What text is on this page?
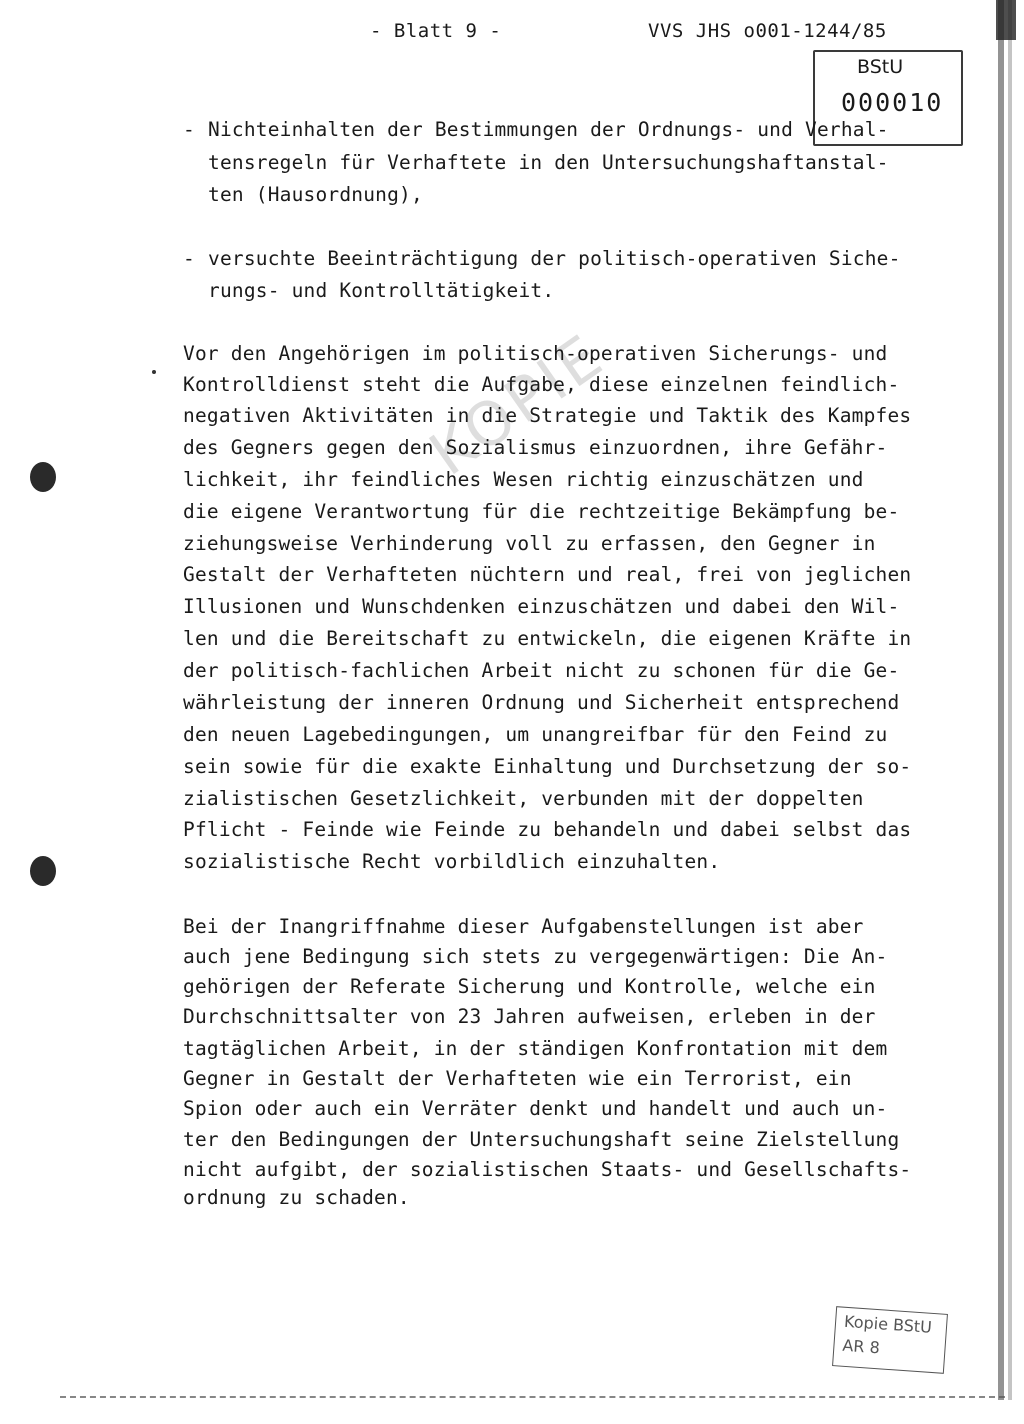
- Blatt 9 -	VVS JHS o001-1244/85
BStU
000010
KOPIE
- Nichteinhalten der Bestimmungen der Ordnungs- und Verhal-
tensregeln für Verhaftete in den Untersuchungshaftanstal-
ten (Hausordnung),
- versuchte Beeinträchtigung der politisch-operativen Siche-
rungs- und Kontrolltätigkeit.
Vor den Angehörigen im politisch-operativen Sicherungs- und
Kontrolldienst steht die Aufgabe, diese einzelnen feindlich-
negativen Aktivitäten in die Strategie und Taktik des Kampfes
des Gegners gegen den Sozialismus einzuordnen, ihre Gefähr-
lichkeit, ihr feindliches Wesen richtig einzuschätzen und
die eigene Verantwortung für die rechtzeitige Bekämpfung be-
ziehungsweise Verhinderung voll zu erfassen, den Gegner in
Gestalt der Verhafteten nüchtern und real, frei von jeglichen
Illusionen und Wunschdenken einzuschätzen und dabei den Wil-
len und die Bereitschaft zu entwickeln, die eigenen Kräfte in
der politisch-fachlichen Arbeit nicht zu schonen für die Ge-
währleistung der inneren Ordnung und Sicherheit entsprechend
den neuen Lagebedingungen, um unangreifbar für den Feind zu
sein sowie für die exakte Einhaltung und Durchsetzung der so-
zialistischen Gesetzlichkeit, verbunden mit der doppelten
Pflicht - Feinde wie Feinde zu behandeln und dabei selbst das
sozialistische Recht vorbildlich einzuhalten.
Bei der Inangriffnahme dieser Aufgabenstellungen ist aber
auch jene Bedingung sich stets zu vergegenwärtigen: Die An-
gehörigen der Referate Sicherung und Kontrolle, welche ein
Durchschnittsalter von 23 Jahren aufweisen, erleben in der
tagtäglichen Arbeit, in der ständigen Konfrontation mit dem
Gegner in Gestalt der Verhafteten wie ein Terrorist, ein
Spion oder auch ein Verräter denkt und handelt und auch un-
ter den Bedingungen der Untersuchungshaft seine Zielstellung
nicht aufgibt, der sozialistischen Staats- und Gesellschafts-
ordnung zu schaden.
Kopie BStU
AR 8
